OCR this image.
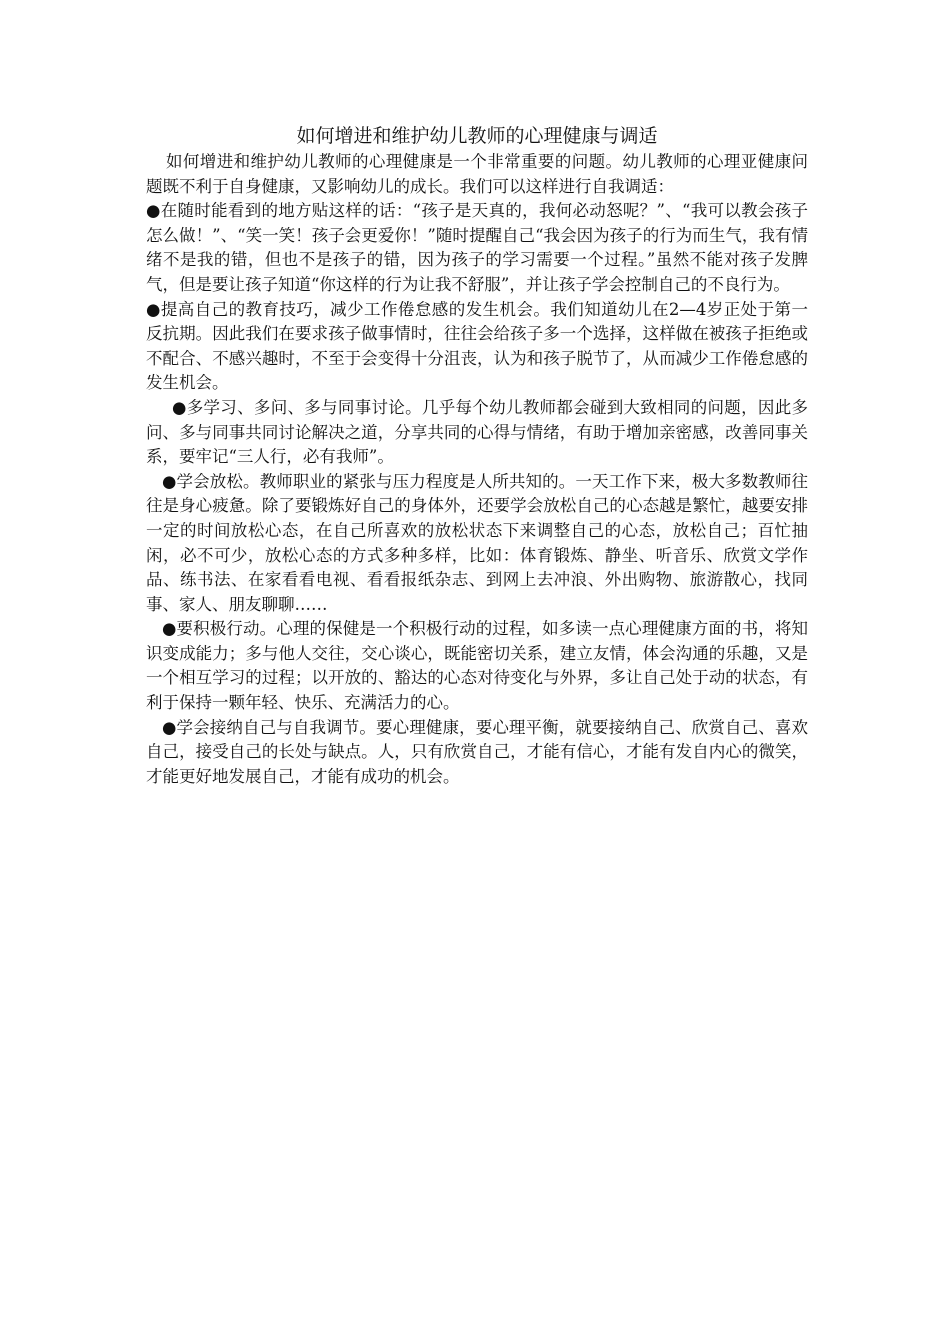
如何增进和维护幼儿教师的心理健康与调适

如何增进和维护幼儿教师的心理健康是一个非常重要的问题。幼儿教师的心理亚健康问题既不利于自身健康，又影响幼儿的成长。我们可以这样进行自我调适：

●在随时能看到的地方贴这样的话：“孩子是天真的，我何必动怒呢？”、“我可以教会孩子怎么做！”、“笑一笑！孩子会更爱你！”随时提醒自己“我会因为孩子的行为而生气，我有情绪不是我的错，但也不是孩子的错，因为孩子的学习需要一个过程。”虽然不能对孩子发脾气，但是要让孩子知道“你这样的行为让我不舒服”，并让孩子学会控制自己的不良行为。

●提高自己的教育技巧，减少工作倦怠感的发生机会。我们知道幼儿在2—4岁正处于第一反抗期。因此我们在要求孩子做事情时，往往会给孩子多一个选择，这样做在被孩子拒绝或不配合、不感兴趣时，不至于会变得十分沮丧，认为和孩子脱节了，从而减少工作倦怠感的发生机会。

●多学习、多问、多与同事讨论。几乎每个幼儿教师都会碰到大致相同的问题，因此多问、多与同事共同讨论解决之道，分享共同的心得与情绪，有助于增加亲密感，改善同事关系，要牢记“三人行，必有我师”。

●学会放松。教师职业的紧张与压力程度是人所共知的。一天工作下来，极大多数教师往往是身心疲惫。除了要锻炼好自己的身体外，还要学会放松自己的心态越是繁忙，越要安排一定的时间放松心态，在自己所喜欢的放松状态下来调整自己的心态，放松自己；百忙抽闲，必不可少，放松心态的方式多种多样，比如：体育锻炼、静坐、听音乐、欣赏文学作品、练书法、在家看看电视、看看报纸杂志、到网上去冲浪、外出购物、旅游散心，找同事、家人、朋友聊聊……

●要积极行动。心理的保健是一个积极行动的过程，如多读一点心理健康方面的书，将知识变成能力；多与他人交往，交心谈心，既能密切关系，建立友情，体会沟通的乐趣，又是一个相互学习的过程；以开放的、豁达的心态对待变化与外界，多让自己处于动的状态，有利于保持一颗年轻、快乐、充满活力的心。

●学会接纳自己与自我调节。要心理健康，要心理平衡，就要接纳自己、欣赏自己、喜欢自己，接受自己的长处与缺点。人，只有欣赏自己，才能有信心，才能有发自内心的微笑，才能更好地发展自己，才能有成功的机会。
